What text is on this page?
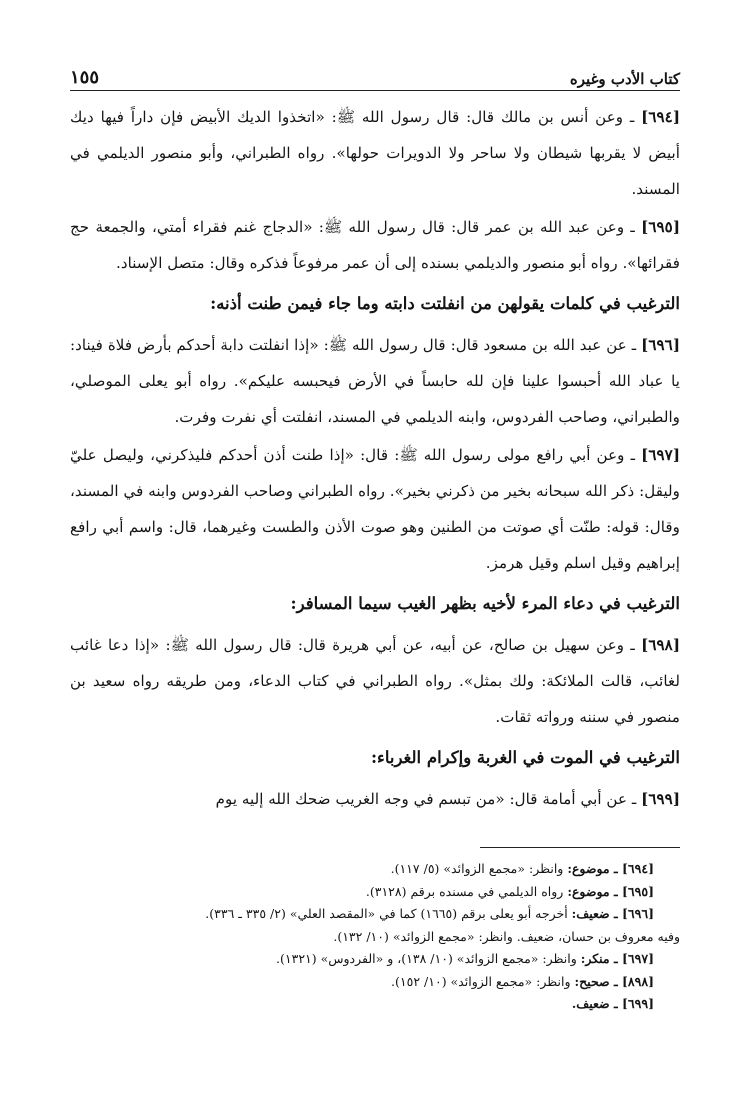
كتاب الأدب وغيره
١٥٥

[٦٩٤] ـ وعن أنس بن مالك قال: قال رسول الله ﷺ: «اتخذوا الديك الأبيض فإن داراً فيها ديك أبيض لا يقربها شيطان ولا ساحر ولا الدويرات حولها». رواه الطبراني، وأبو منصور الديلمي في المسند.

[٦٩٥] ـ وعن عبد الله بن عمر قال: قال رسول الله ﷺ: «الدجاج غنم فقراء أمتي، والجمعة حج فقرائها». رواه أبو منصور والديلمي بسنده إلى أن عمر مرفوعاً فذكره وقال: متصل الإسناد.

الترغيب في كلمات يقولهن من انفلتت دابته وما جاء فيمن طنت أذنه:

[٦٩٦] ـ عن عبد الله بن مسعود قال: قال رسول الله ﷺ: «إذا انفلتت دابة أحدكم بأرض فلاة فيناد: يا عباد الله أحبسوا علينا فإن لله حابساً في الأرض فيحبسه عليكم». رواه أبو يعلى الموصلي، والطبراني، وصاحب الفردوس، وابنه الديلمي في المسند، انفلتت أي نفرت وفرت.

[٦٩٧] ـ وعن أبي رافع مولى رسول الله ﷺ: قال: «إذا طنت أذن أحدكم فليذكرني، وليصل عليّ وليقل: ذكر الله سبحانه بخير من ذكرني بخير». رواه الطبراني وصاحب الفردوس وابنه في المسند، وقال: قوله: طنّت أي صوتت من الطنين وهو صوت الأذن والطست وغيرهما، قال: واسم أبي رافع إبراهيم وقيل اسلم وقيل هرمز.

الترغيب في دعاء المرء لأخيه بظهر الغيب سيما المسافر:

[٦٩٨] ـ وعن سهيل بن صالح، عن أبيه، عن أبي هريرة قال: قال رسول الله ﷺ: «إذا دعا غائب لغائب، قالت الملائكة: ولك بمثل». رواه الطبراني في كتاب الدعاء، ومن طريقه رواه سعيد بن منصور في سننه ورواته ثقات.

الترغيب في الموت في الغربة وإكرام الغرباء:

[٦٩٩] ـ عن أبي أمامة قال: «من تبسم في وجه الغريب ضحك الله إليه يوم

[٦٩٤] ـ موضوع: وانظر: «مجمع الزوائد» (٥/ ١١٧).
[٦٩٥] ـ موضوع: رواه الديلمي في مسنده برقم (٣١٢٨).
[٦٩٦] ـ ضعيف: أخرجه أبو يعلى برقم (١٦٦٥) كما في «المقصد العلي» (٢/ ٣٣٥ ـ ٣٣٦).
وفيه معروف بن حسان، ضعيف. وانظر: «مجمع الزوائد» (١٠/ ١٣٢).
[٦٩٧] ـ منكر: وانظر: «مجمع الزوائد» (١٠/ ١٣٨)، و «الفردوس» (١٣٢١).
[٨٩٨] ـ صحيح: وانظر: «مجمع الزوائد» (١٠/ ١٥٢).
[٦٩٩] ـ ضعيف.
